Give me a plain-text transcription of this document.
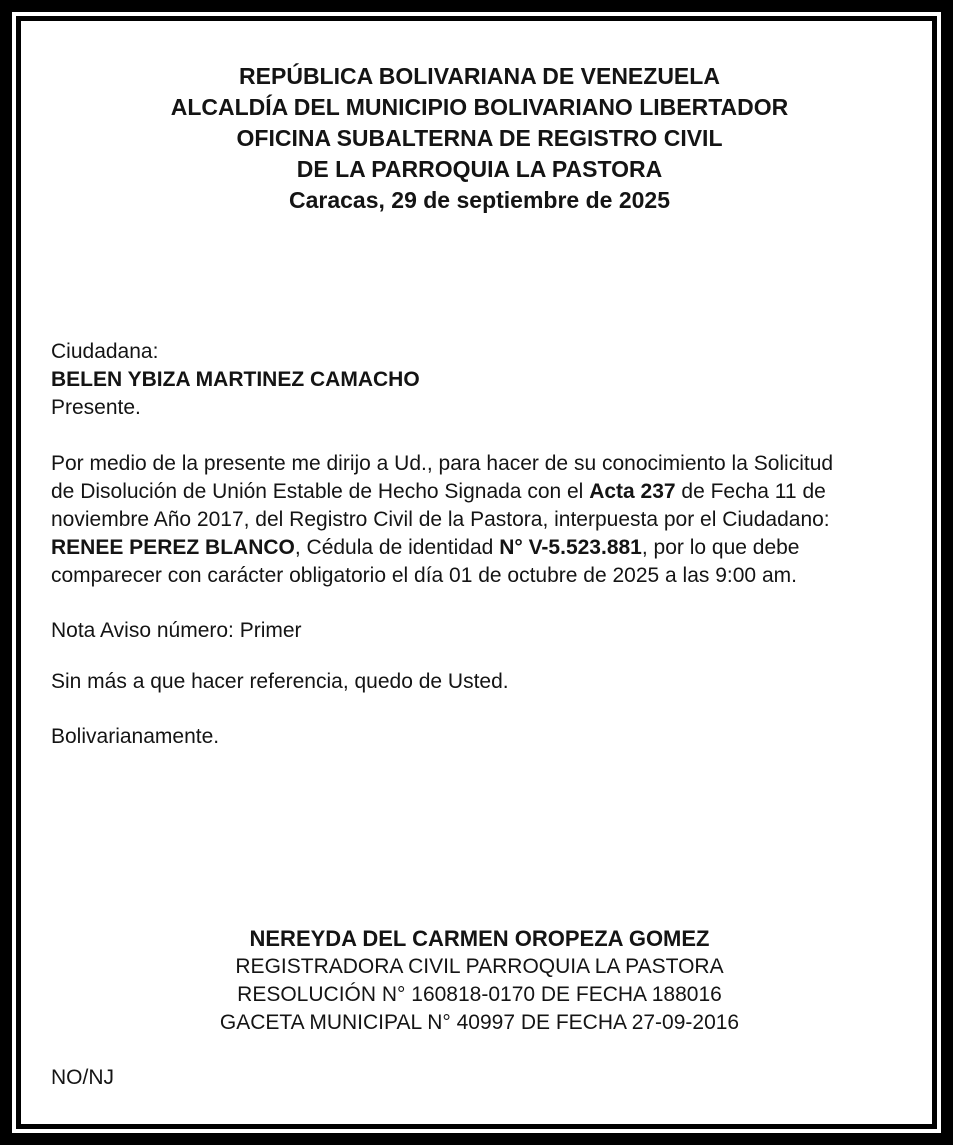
REPÚBLICA BOLIVARIANA DE VENEZUELA
ALCALDÍA DEL MUNICIPIO BOLIVARIANO LIBERTADOR
OFICINA SUBALTERNA DE REGISTRO CIVIL
DE LA PARROQUIA LA PASTORA
Caracas, 29 de septiembre de 2025
Ciudadana:
BELEN YBIZA MARTINEZ CAMACHO
Presente.
Por medio de la presente me dirijo a Ud., para hacer de su conocimiento la Solicitud
de Disolución de Unión Estable de Hecho Signada con el Acta 237 de Fecha 11 de
noviembre Año 2017, del Registro Civil de la Pastora, interpuesta por el Ciudadano:
RENEE PEREZ BLANCO, Cédula de identidad N° V-5.523.881, por lo que debe
comparecer con carácter obligatorio el día 01 de octubre de 2025 a las 9:00 am.
Nota Aviso número: Primer
Sin más a que hacer referencia, quedo de Usted.
Bolivarianamente.
NEREYDA DEL CARMEN OROPEZA GOMEZ
REGISTRADORA CIVIL PARROQUIA LA PASTORA
RESOLUCIÓN N° 160818-0170 DE FECHA 188016
GACETA MUNICIPAL N° 40997 DE FECHA 27-09-2016
NO/NJ
